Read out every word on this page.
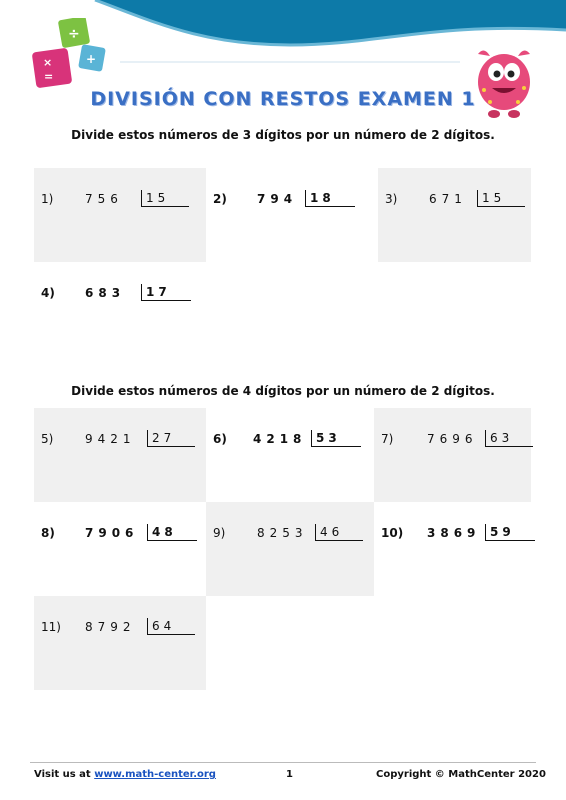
÷
+
×
=
DIVISIÓN CON RESTOS EXAMEN 1
Divide estos números de 3 dígitos por un número de 2 dígitos.
1)	756	15	2)	794	18	3)	671	15
4)	683	17
Divide estos números de 4 dígitos por un número de 2 dígitos.
5)	9421	27	6) 4218 53	7)	7696	63
8)	7906	48	9)	8253	46	10) 3869 59
11) 8792	64
Visit us at www.math-center.org	1	Copyright © MathCenter 2020
